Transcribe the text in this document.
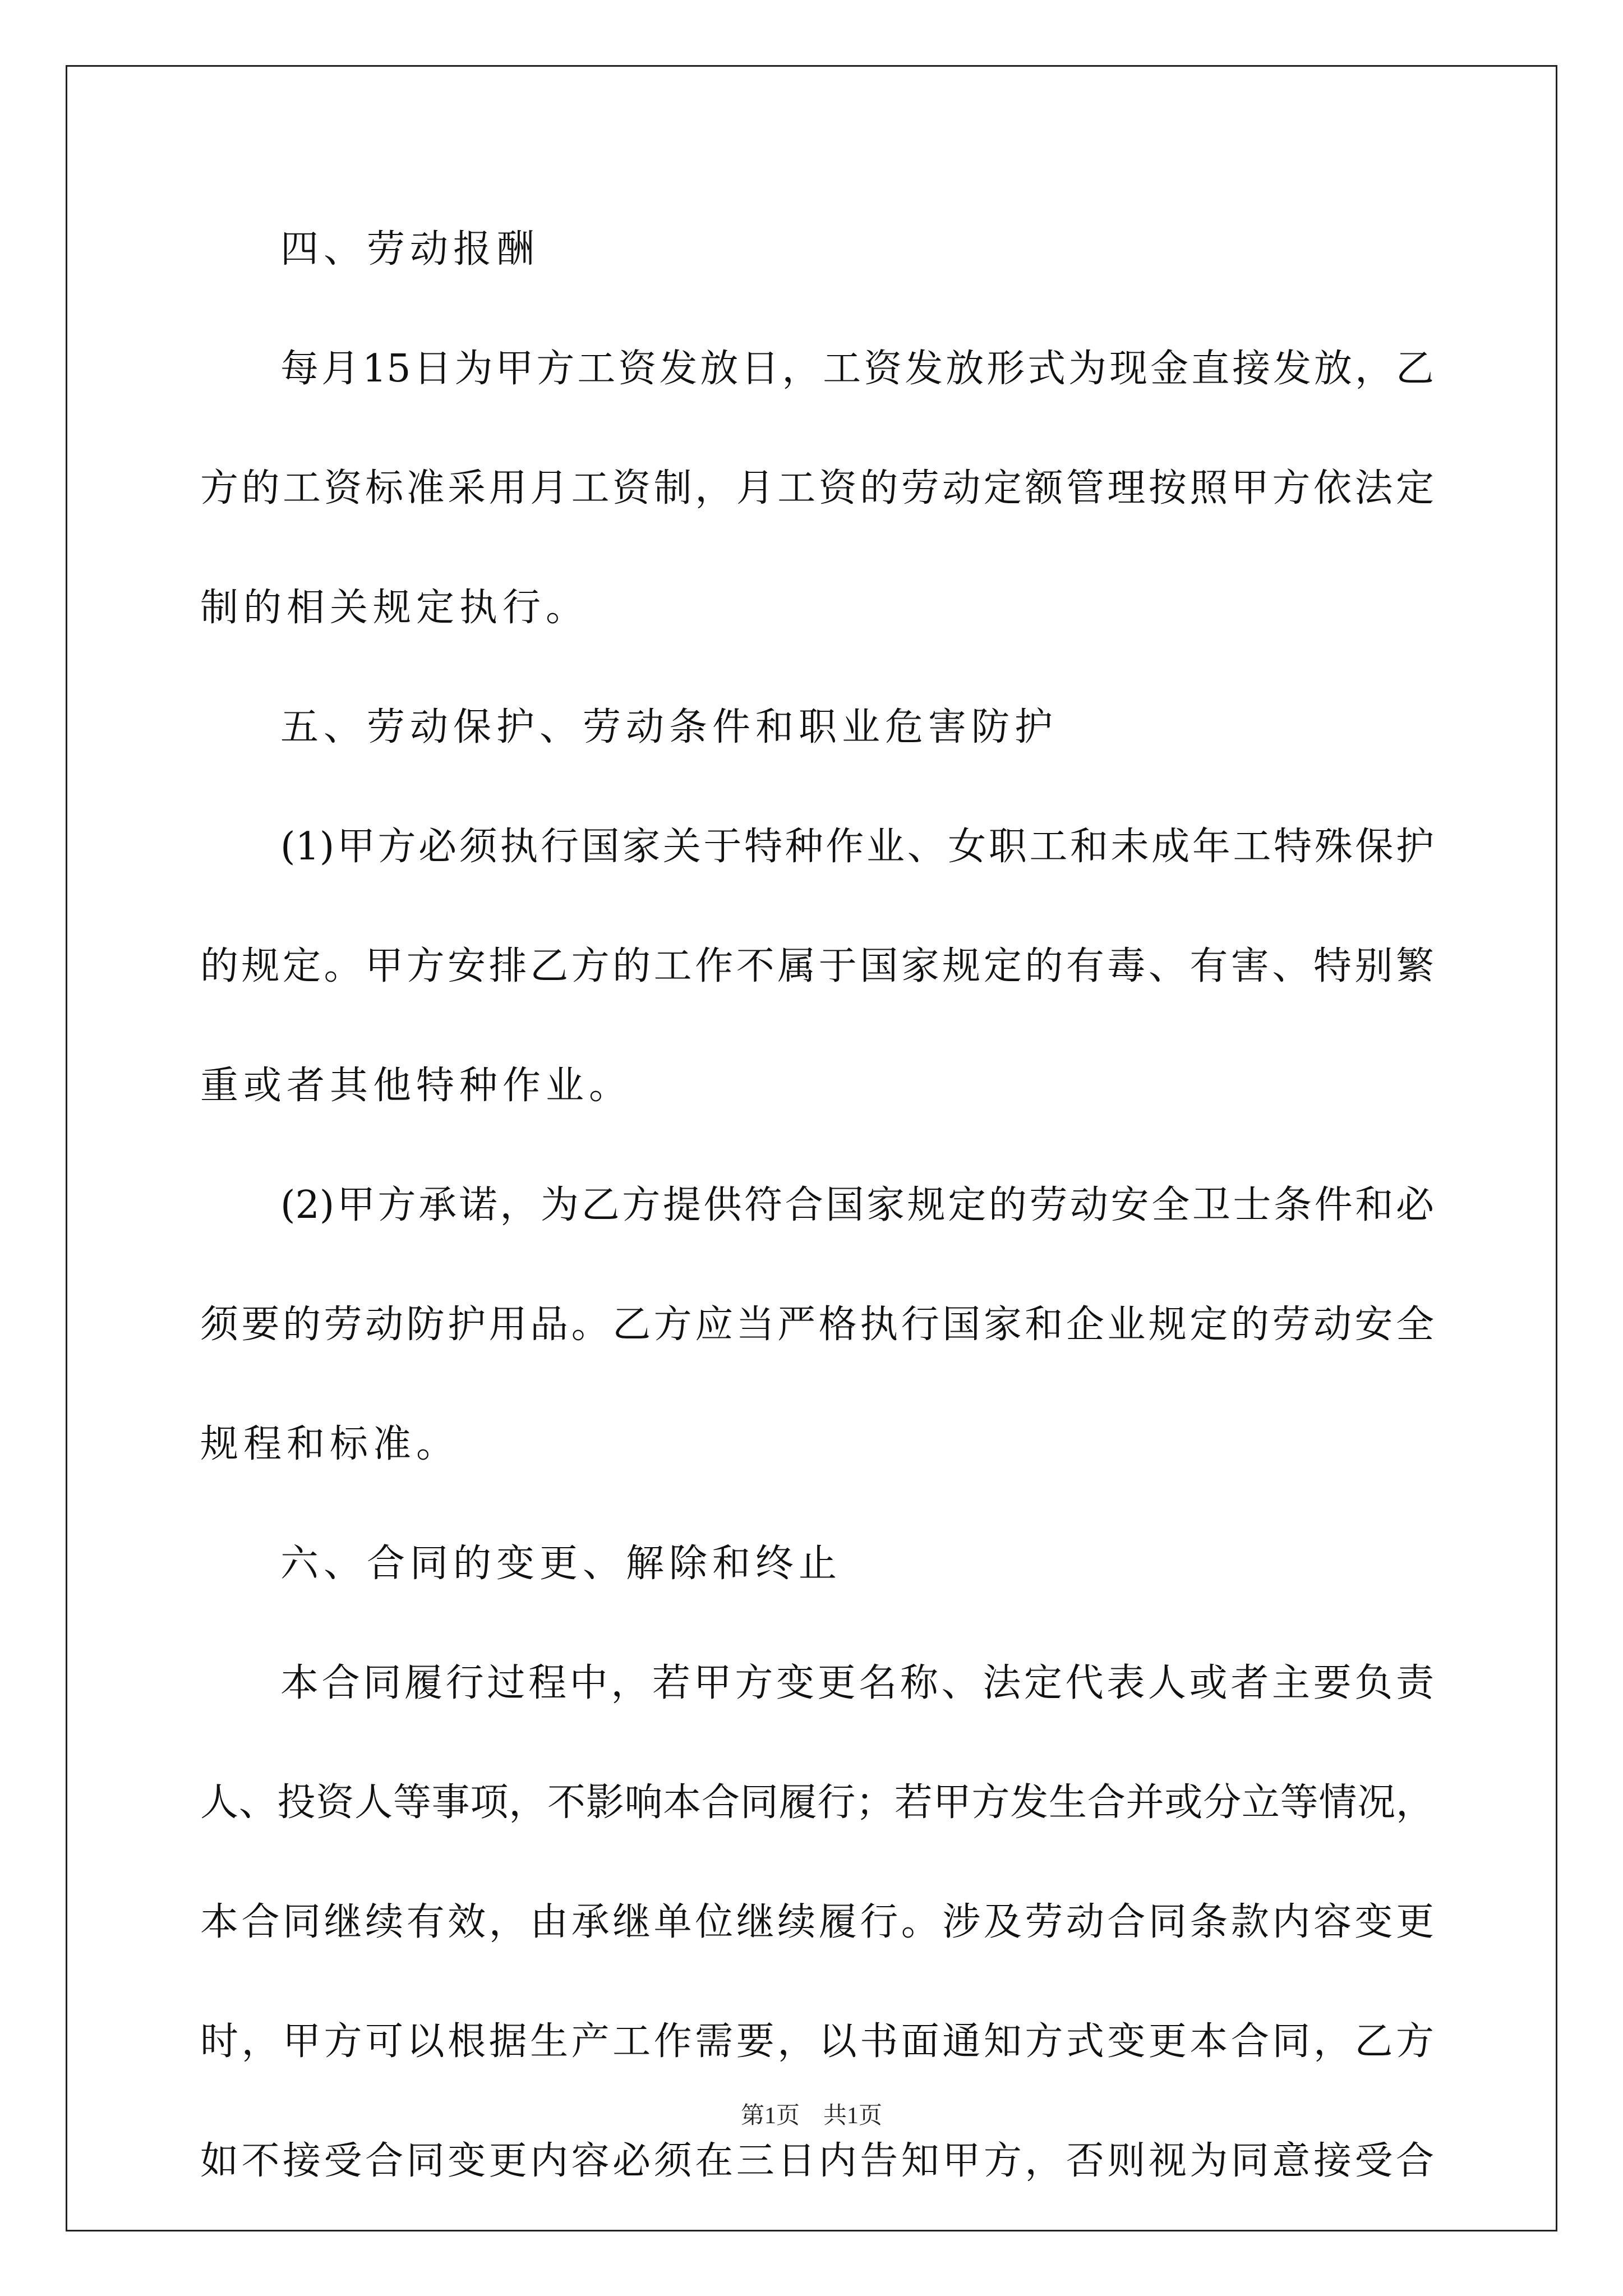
四、劳动报酬
每月15日为甲方工资发放日，工资发放形式为现金直接发放，乙
方的工资标准采用月工资制，月工资的劳动定额管理按照甲方依法定
制的相关规定执行。
五、劳动保护、劳动条件和职业危害防护
(1)甲方必须执行国家关于特种作业、女职工和未成年工特殊保护
的规定。甲方安排乙方的工作不属于国家规定的有毒、有害、特别繁
重或者其他特种作业。
(2)甲方承诺，为乙方提供符合国家规定的劳动安全卫士条件和必
须要的劳动防护用品。乙方应当严格执行国家和企业规定的劳动安全
规程和标准。
六、合同的变更、解除和终止
本合同履行过程中，若甲方变更名称、法定代表人或者主要负责
人、投资人等事项，不影响本合同履行；若甲方发生合并或分立等情况，
本合同继续有效，由承继单位继续履行。涉及劳动合同条款内容变更
时，甲方可以根据生产工作需要，以书面通知方式变更本合同，乙方
如不接受合同变更内容必须在三日内告知甲方，否则视为同意接受合
第1页　共1页
